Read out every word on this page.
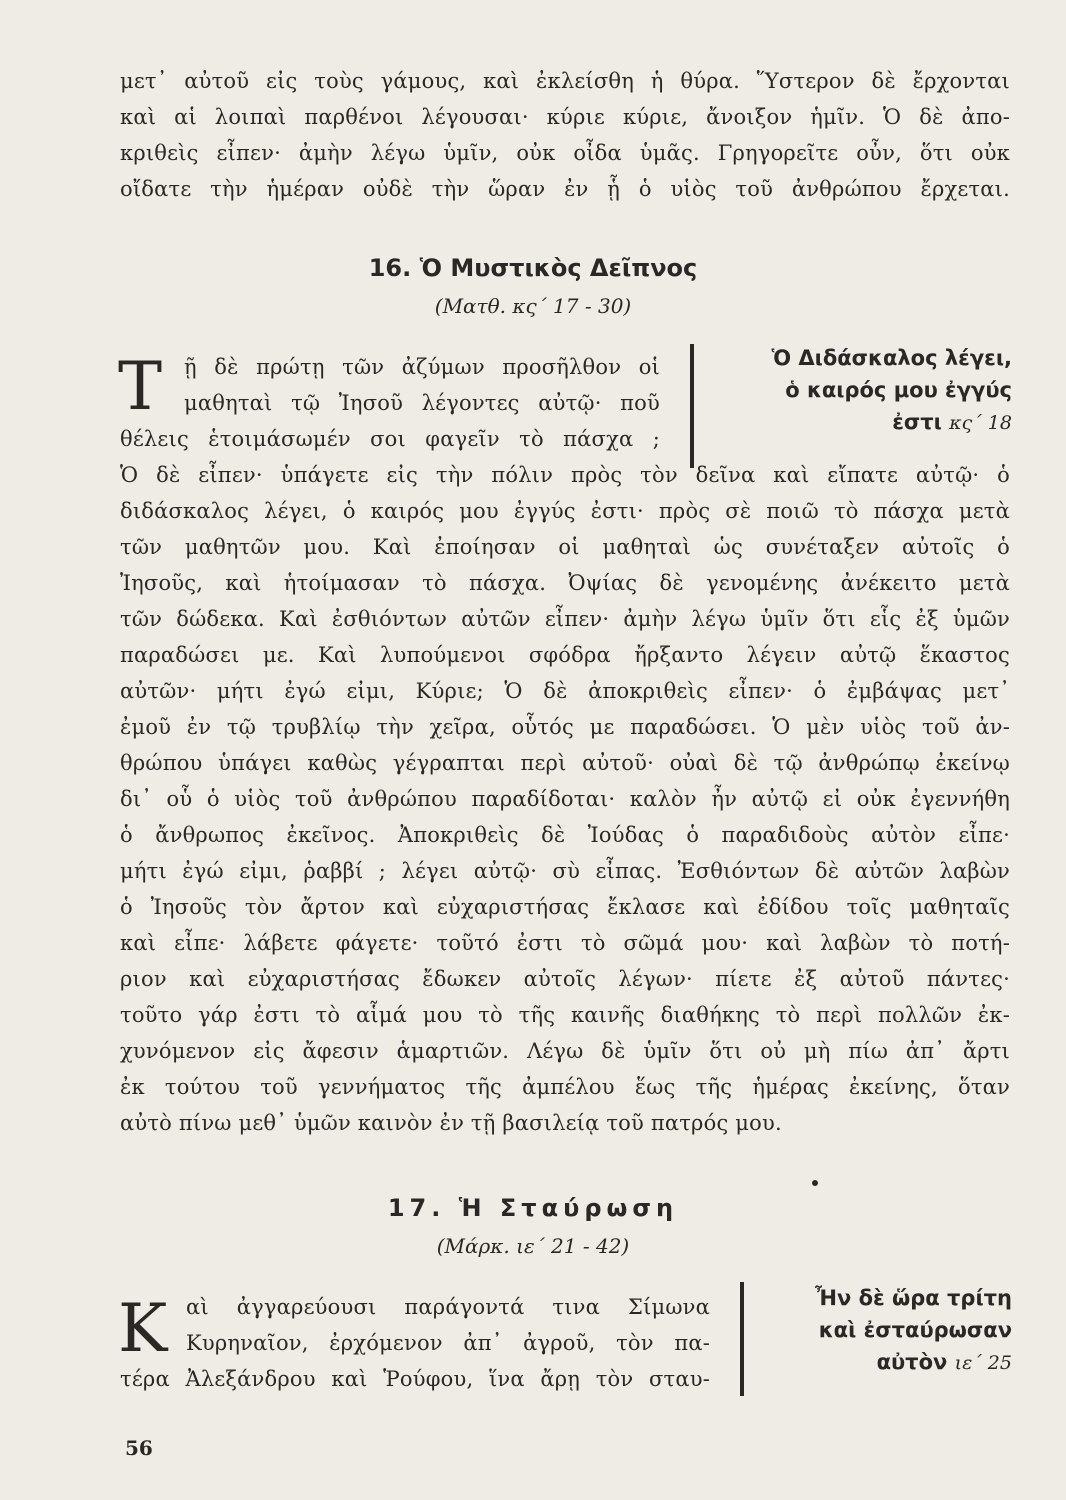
μετ᾽ αὐτοῦ εἰς τοὺς γάμους, καὶ ἐκλείσθη ἡ θύρα. Ὕστερον δὲ ἔρχονται
καὶ αἱ λοιπαὶ παρθένοι λέγουσαι· κύριε κύριε, ἄνοιξον ἡμῖν. Ὁ δὲ ἀπο-
κριθεὶς εἶπεν· ἀμὴν λέγω ὑμῖν, οὐκ οἶδα ὑμᾶς. Γρηγορεῖτε οὖν, ὅτι οὐκ
οἴδατε τὴν ἡμέραν οὐδὲ τὴν ὥραν ἐν ᾗ ὁ υἱὸς τοῦ ἀνθρώπου ἔρχεται.
16. Ὁ Μυστικὸς Δεῖπνος
(Ματθ. κς´ 17 - 30)
Τ ῇ δὲ πρώτῃ τῶν ἀζύμων προσῆλθον οἱ
μαθηταὶ τῷ Ἰησοῦ λέγοντες αὐτῷ· ποῦ
θέλεις ἑτοιμάσωμέν σοι φαγεῖν τὸ πάσχα ;
Ὁ Διδάσκαλος λέγει,
ὁ καιρός μου ἐγγύς
ἐστι κς´ 18
Ὁ δὲ εἶπεν· ὑπάγετε εἰς τὴν πόλιν πρὸς τὸν δεῖνα καὶ εἴπατε αὐτῷ· ὁ
διδάσκαλος λέγει, ὁ καιρός μου ἐγγύς ἐστι· πρὸς σὲ ποιῶ τὸ πάσχα μετὰ
τῶν μαθητῶν μου. Καὶ ἐποίησαν οἱ μαθηταὶ ὡς συνέταξεν αὐτοῖς ὁ
Ἰησοῦς, καὶ ἡτοίμασαν τὸ πάσχα. Ὀψίας δὲ γενομένης ἀνέκειτο μετὰ
τῶν δώδεκα. Καὶ ἐσθιόντων αὐτῶν εἶπεν· ἀμὴν λέγω ὑμῖν ὅτι εἷς ἐξ ὑμῶν
παραδώσει με. Καὶ λυπούμενοι σφόδρα ἤρξαντο λέγειν αὐτῷ ἕκαστος
αὐτῶν· μήτι ἐγώ εἰμι, Κύριε; Ὁ δὲ ἀποκριθεὶς εἶπεν· ὁ ἐμβάψας μετ᾽
ἐμοῦ ἐν τῷ τρυβλίῳ τὴν χεῖρα, οὗτός με παραδώσει. Ὁ μὲν υἱὸς τοῦ ἀν-
θρώπου ὑπάγει καθὼς γέγραπται περὶ αὐτοῦ· οὐαὶ δὲ τῷ ἀνθρώπῳ ἐκείνῳ
δι᾽ οὗ ὁ υἱὸς τοῦ ἀνθρώπου παραδίδοται· καλὸν ἦν αὐτῷ εἰ οὐκ ἐγεννήθη
ὁ ἄνθρωπος ἐκεῖνος. Ἀποκριθεὶς δὲ Ἰούδας ὁ παραδιδοὺς αὐτὸν εἶπε·
μήτι ἐγώ εἰμι, ῥαββί ; λέγει αὐτῷ· σὺ εἶπας. Ἐσθιόντων δὲ αὐτῶν λαβὼν
ὁ Ἰησοῦς τὸν ἄρτον καὶ εὐχαριστήσας ἔκλασε καὶ ἐδίδου τοῖς μαθηταῖς
καὶ εἶπε· λάβετε φάγετε· τοῦτό ἐστι τὸ σῶμά μου· καὶ λαβὼν τὸ ποτή-
ριον καὶ εὐχαριστήσας ἔδωκεν αὐτοῖς λέγων· πίετε ἐξ αὐτοῦ πάντες·
τοῦτο γάρ ἐστι τὸ αἷμά μου τὸ τῆς καινῆς διαθήκης τὸ περὶ πολλῶν ἐκ-
χυνόμενον εἰς ἄφεσιν ἁμαρτιῶν. Λέγω δὲ ὑμῖν ὅτι οὐ μὴ πίω ἀπ᾽ ἄρτι
ἐκ τούτου τοῦ γεννήματος τῆς ἀμπέλου ἕως τῆς ἡμέρας ἐκείνης, ὅταν
αὐτὸ πίνω μεθ᾽ ὑμῶν καινὸν ἐν τῇ βασιλείᾳ τοῦ πατρός μου.
17. Ἡ Σταύρωση
(Μάρκ. ιε´ 21 - 42)
Κ αὶ ἀγγαρεύουσι παράγοντά τινα Σίμωνα
Κυρηναῖον, ἐρχόμενον ἀπ᾽ ἀγροῦ, τὸν πα-
τέρα Ἀλεξάνδρου καὶ Ῥούφου, ἵνα ἄρῃ τὸν σταυ-
Ἦν δὲ ὥρα τρίτη
καὶ ἐσταύρωσαν
αὐτὸν ιε´ 25
56
